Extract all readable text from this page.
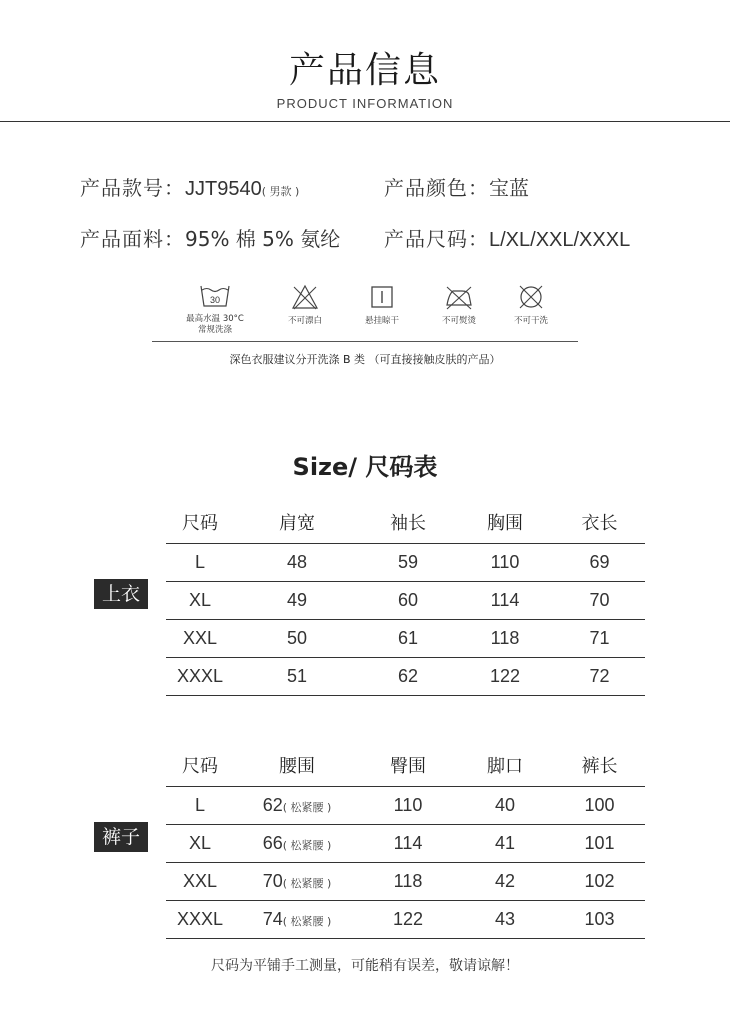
产品信息
PRODUCT INFORMATION
产品款号：JJT9540( 男款 )	产品颜色：宝蓝
产品面料：95% 棉 5% 氨纶 产品尺码：L/XL/XXL/XXXL
30
最高水温 30°C
常规洗涤
不可漂白	悬挂晾干	不可熨烫	不可干洗
深色衣服建议分开洗涤 B 类 （可直接接触皮肤的产品）
Size/ 尺码表
上衣
尺码	肩宽	袖长	胸围	衣长
L	48	59	110	69
XL	49	60	114	70
XXL	50	61	118	71
XXXL	51	62	122	72
裤子
尺码	腰围	臀围	脚口	裤长
L	62( 松紧腰 )	110	40	100
XL	66( 松紧腰 )	114	41	101
XXL	70( 松紧腰 )	118	42	102
XXXL	74( 松紧腰 )	122	43	103
尺码为平铺手工测量，可能稍有误差，敬请谅解！
